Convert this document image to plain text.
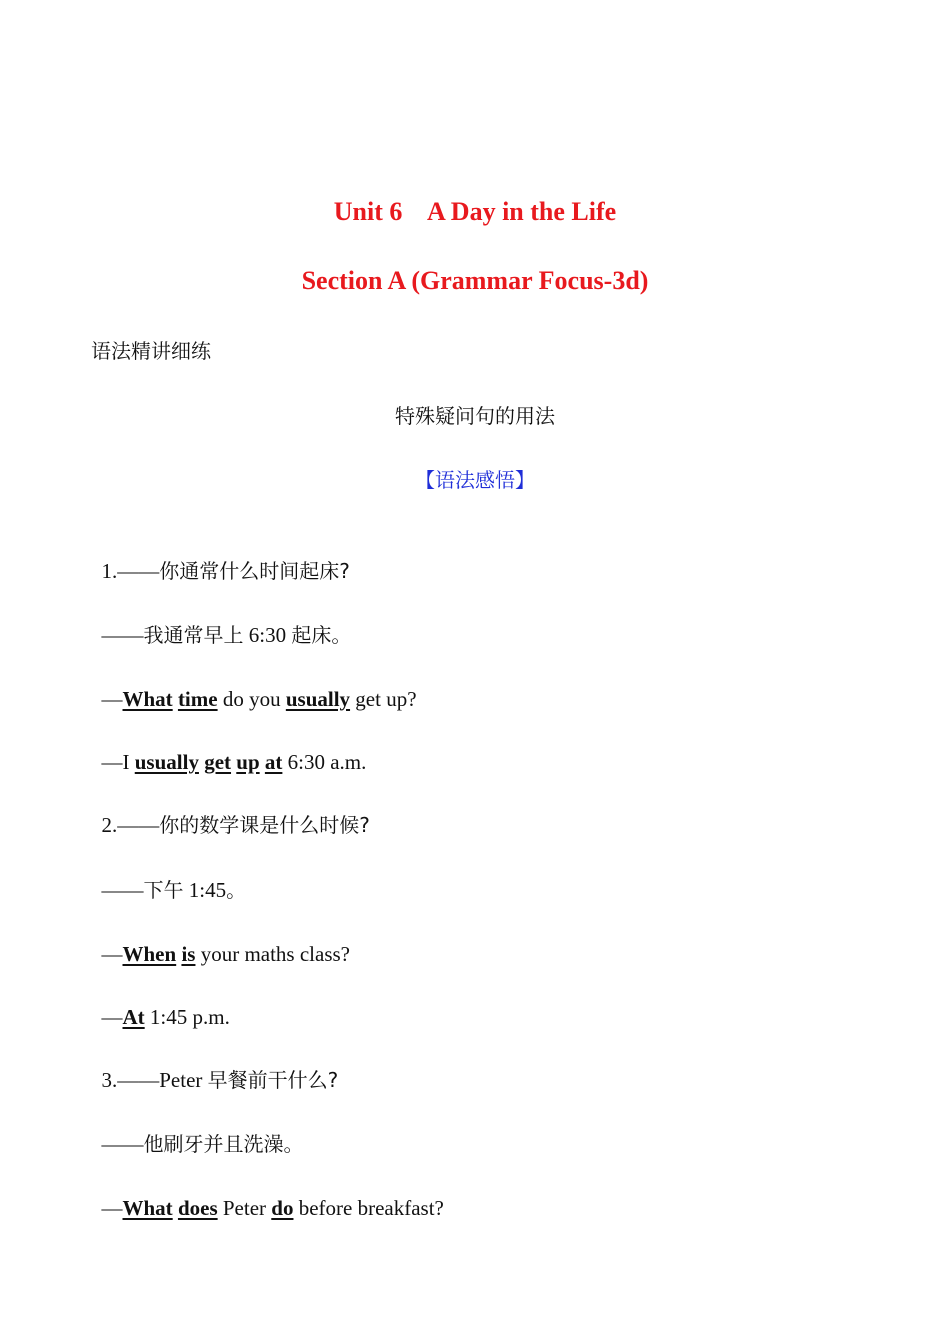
Unit 6    A Day in the Life
Section A (Grammar Focus-3d)
语法精讲细练
特殊疑问句的用法
【语法感悟】

1.——你通常什么时间起床?

——我通常早上 6:30 起床。

—What time do you usually get up?

—I usually get up at 6:30 a.m.

2.——你的数学课是什么时候?

——下午 1:45。

—When is your maths class?

—At 1:45 p.m.

3.——Peter 早餐前干什么?

——他刷牙并且洗澡。

—What does Peter do before breakfast?
